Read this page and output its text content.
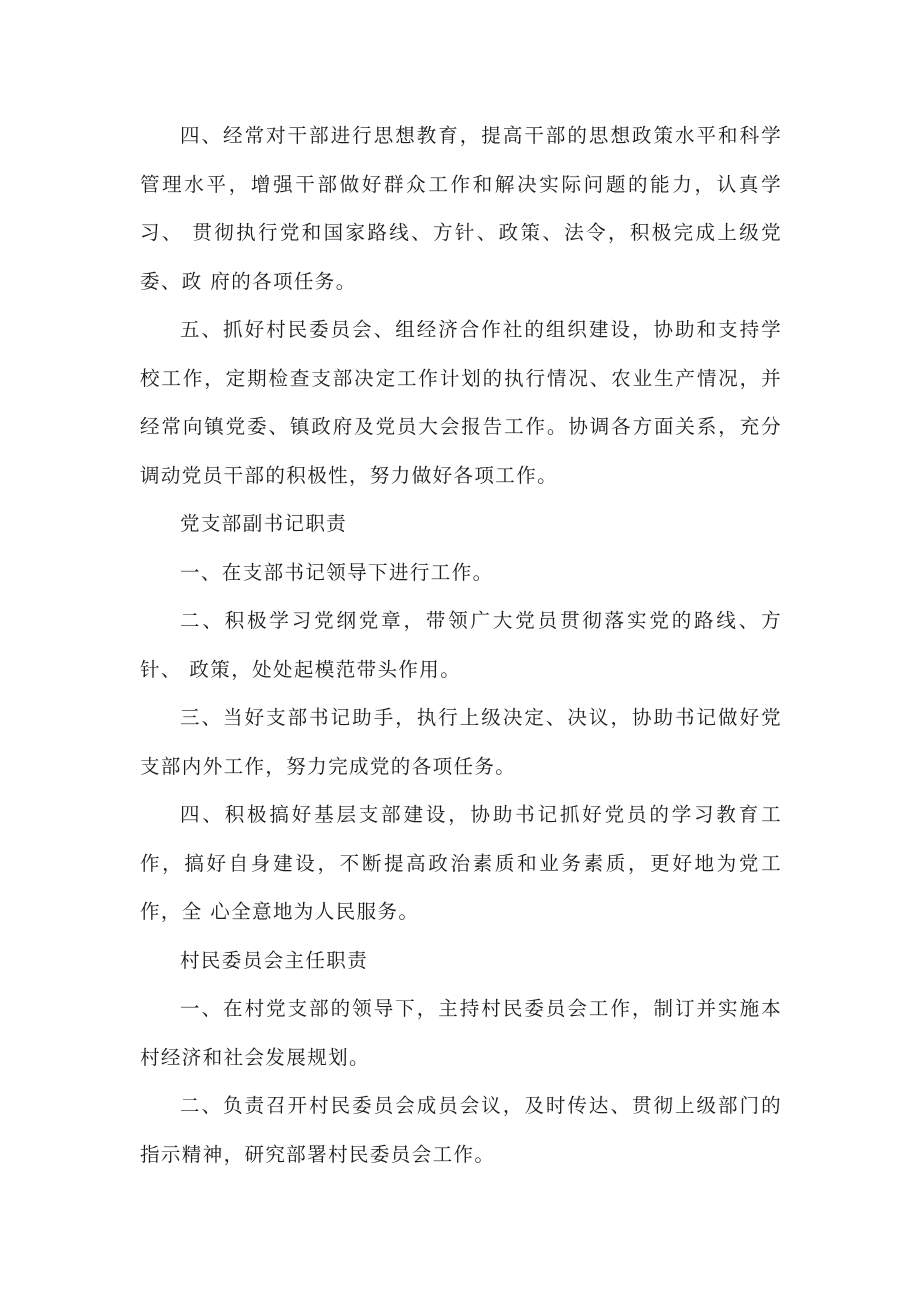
四、经常对干部进行思想教育，提高干部的思想政策水平和科学 管理水平，增强干部做好群众工作和解决实际问题的能力，认真学习、 贯彻执行党和国家路线、方针、政策、法令，积极完成上级党委、政 府的各项任务。

五、抓好村民委员会、组经济合作社的组织建设，协助和支持学 校工作，定期检查支部决定工作计划的执行情况、农业生产情况，并 经常向镇党委、镇政府及党员大会报告工作。协调各方面关系，充分 调动党员干部的积极性，努力做好各项工作。

党支部副书记职责

一、在支部书记领导下进行工作。

二、积极学习党纲党章，带领广大党员贯彻落实党的路线、方针、 政策，处处起模范带头作用。

三、当好支部书记助手，执行上级决定、决议，协助书记做好党　 支部内外工作，努力完成党的各项任务。

四、积极搞好基层支部建设，协助书记抓好党员的学习教育工作，搞好自身建设，不断提高政治素质和业务素质，更好地为党工作，全 心全意地为人民服务。

村民委员会主任职责

一、在村党支部的领导下，主持村民委员会工作，制订并实施本 村经济和社会发展规划。

二、负责召开村民委员会成员会议，及时传达、贯彻上级部门的 指示精神，研究部署村民委员会工作。
